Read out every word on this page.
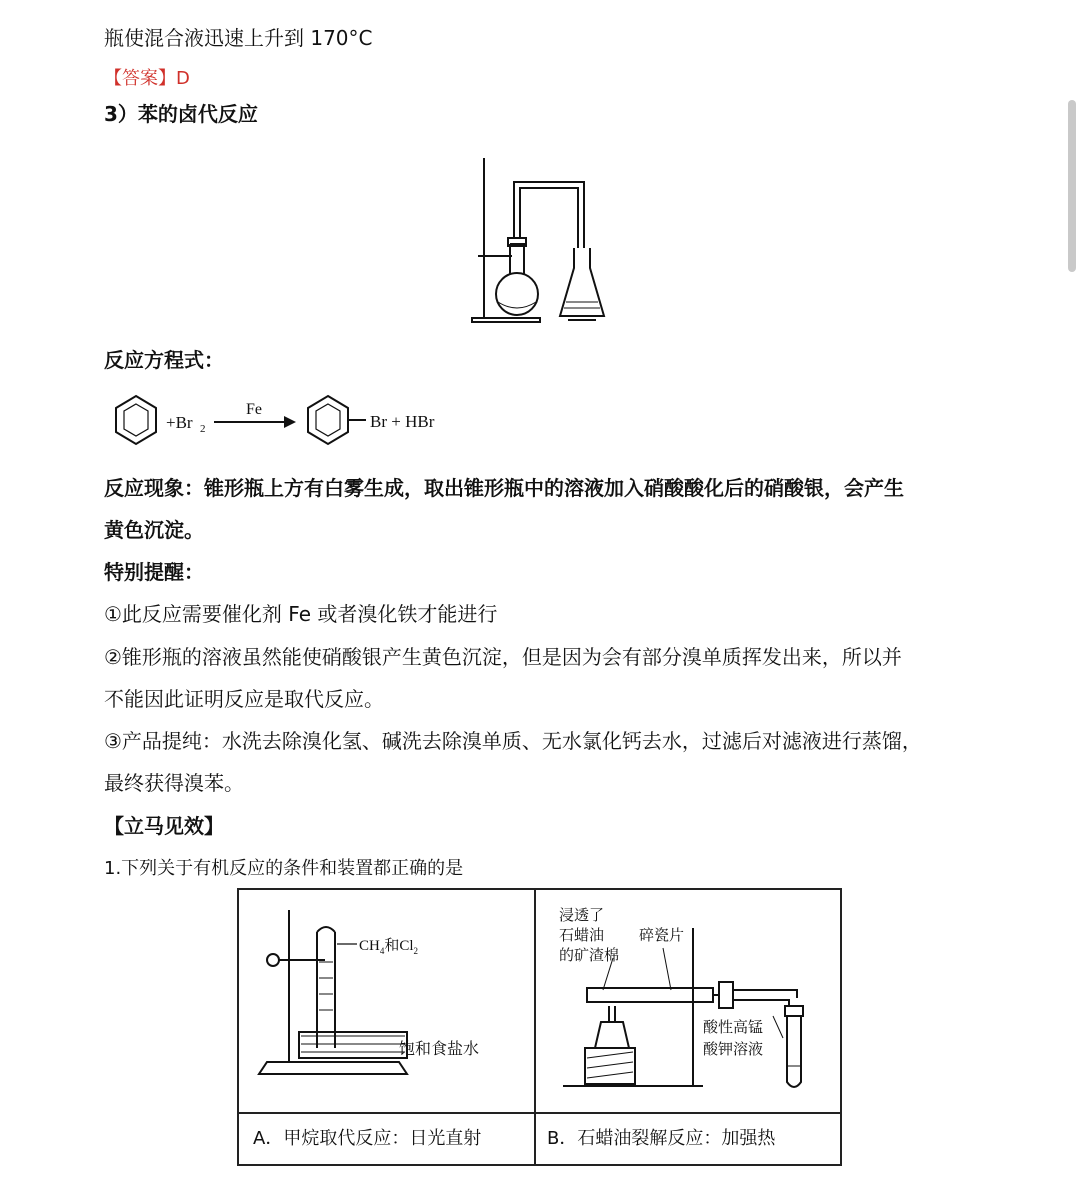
瓶使混合液迅速上升到 170°C
【答案】D
3）苯的卤代反应
反应方程式：
+Br 2
Fe
Br + HBr
反应现象：锥形瓶上方有白雾生成，取出锥形瓶中的溶液加入硝酸酸化后的硝酸银，会产生
黄色沉淀。
特别提醒：
①此反应需要催化剂 Fe 或者溴化铁才能进行
②锥形瓶的溶液虽然能使硝酸银产生黄色沉淀，但是因为会有部分溴单质挥发出来，所以并
不能因此证明反应是取代反应。
③产品提纯：水洗去除溴化氢、碱洗去除溴单质、无水氯化钙去水，过滤后对滤液进行蒸馏，
最终获得溴苯。
【立马见效】
1.下列关于有机反应的条件和装置都正确的是
$CH_4$和$Cl_2$
饱和食盐水
A．甲烷取代反应：日光直射
浸透了
石蜡油
的矿渣棉
碎瓷片
酸性高锰
酸钾溶液
B．石蜡油裂解反应：加强热
